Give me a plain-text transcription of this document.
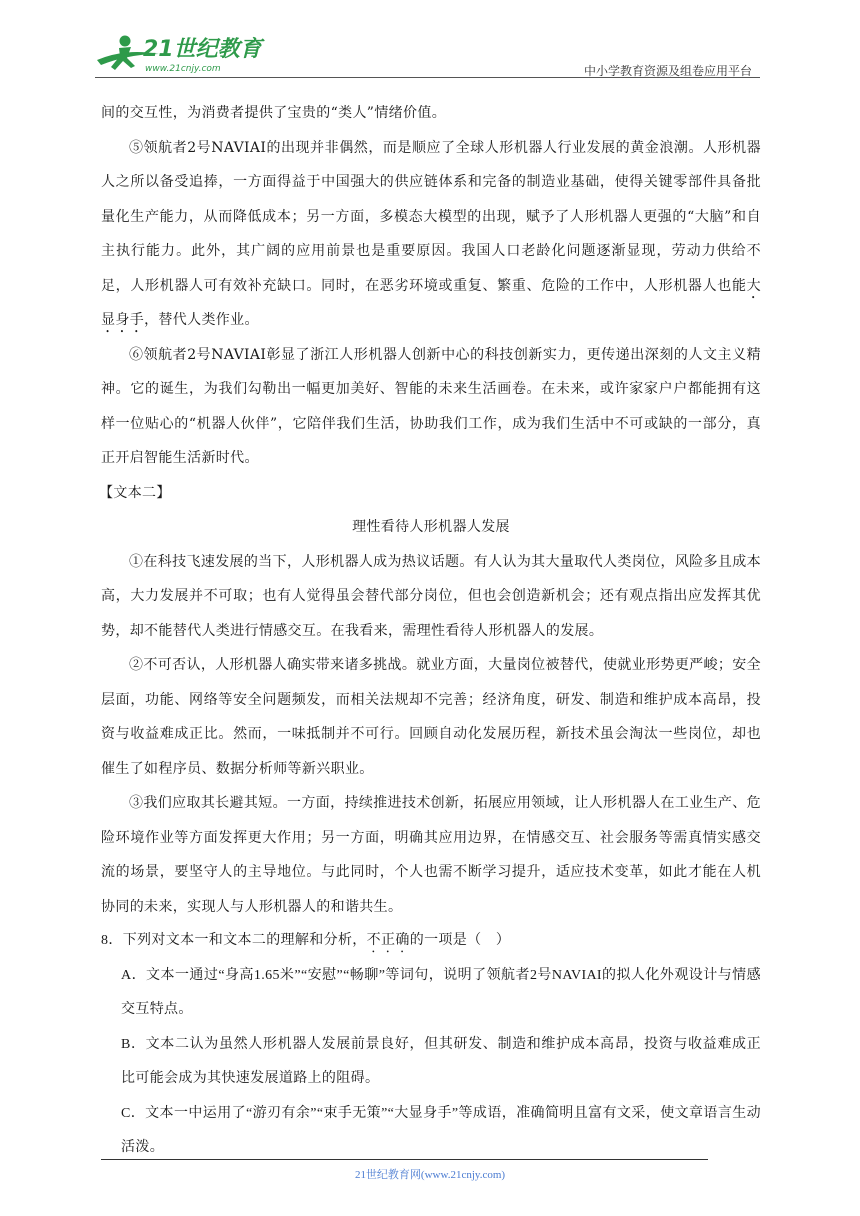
21世纪教育
www.21cnjy.com	中小学教育资源及组卷应用平台

间的交互性，为消费者提供了宝贵的“类人”情绪价值。

⑤领航者2号NAVIAI的出现并非偶然，而是顺应了全球人形机器人行业发展的黄金浪潮。人形机器人之所以备受追捧，一方面得益于中国强大的供应链体系和完备的制造业基础，使得关键零部件具备批量化生产能力，从而降低成本；另一方面，多模态大模型的出现，赋予了人形机器人更强的“大脑”和自主执行能力。此外，其广阔的应用前景也是重要原因。我国人口老龄化问题逐渐显现，劳动力供给不足，人形机器人可有效补充缺口。同时，在恶劣环境或重复、繁重、危险的工作中，人形机器人也能大显身手，替代人类作业。

⑥领航者2号NAVIAI彰显了浙江人形机器人创新中心的科技创新实力，更传递出深刻的人文主义精神。它的诞生，为我们勾勒出一幅更加美好、智能的未来生活画卷。在未来，或许家家户户都能拥有这样一位贴心的“机器人伙伴”，它陪伴我们生活，协助我们工作，成为我们生活中不可或缺的一部分，真正开启智能生活新时代。

【文本二】

理性看待人形机器人发展

①在科技飞速发展的当下，人形机器人成为热议话题。有人认为其大量取代人类岗位，风险多且成本高，大力发展并不可取；也有人觉得虽会替代部分岗位，但也会创造新机会；还有观点指出应发挥其优势，却不能替代人类进行情感交互。在我看来，需理性看待人形机器人的发展。

②不可否认，人形机器人确实带来诸多挑战。就业方面，大量岗位被替代，使就业形势更严峻；安全层面，功能、网络等安全问题频发，而相关法规却不完善；经济角度，研发、制造和维护成本高昂，投资与收益难成正比。然而，一味抵制并不可行。回顾自动化发展历程，新技术虽会淘汰一些岗位，却也催生了如程序员、数据分析师等新兴职业。

③我们应取其长避其短。一方面，持续推进技术创新，拓展应用领域，让人形机器人在工业生产、危险环境作业等方面发挥更大作用；另一方面，明确其应用边界，在情感交互、社会服务等需真情实感交流的场景，要坚守人的主导地位。与此同时，个人也需不断学习提升，适应技术变革，如此才能在人机协同的未来，实现人与人形机器人的和谐共生。

8．下列对文本一和文本二的理解和分析，不正确的一项是（　）

A．文本一通过“身高1.65米”“安慰”“畅聊”等词句，说明了领航者2号NAVIAI的拟人化外观设计与情感交互特点。

B．文本二认为虽然人形机器人发展前景良好，但其研发、制造和维护成本高昂，投资与收益难成正比可能会成为其快速发展道路上的阻碍。

C．文本一中运用了“游刃有余”“束手无策”“大显身手”等成语，准确简明且富有文采，使文章语言生动活泼。

21世纪教育网(www.21cnjy.com)
